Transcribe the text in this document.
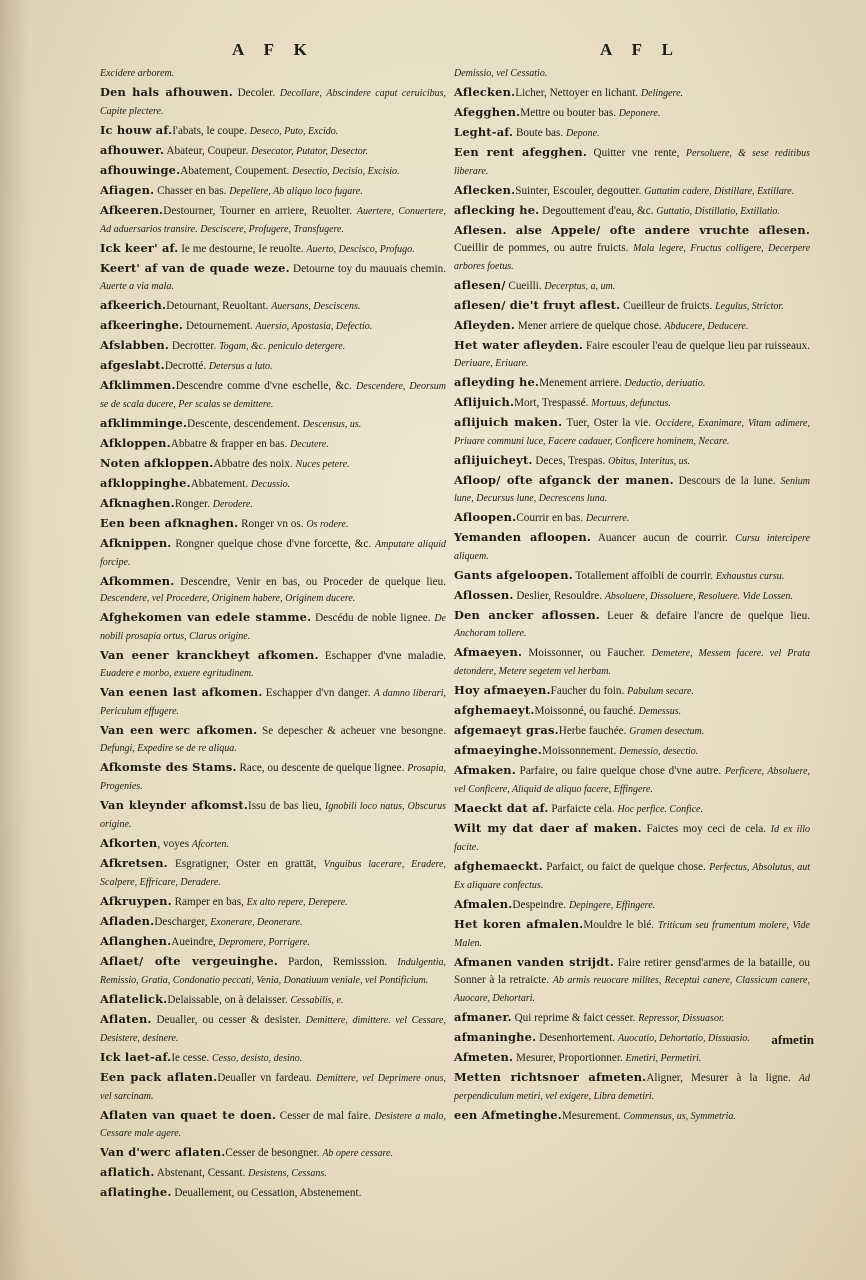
A F K	A F L
Excidere arborem.
Den hals afhouwen. Decoler. Decollare, Abscindere caput ceruicibus, Capite plectere.
Ic houw af.I'abats, le coupe. Deseco, Puto, Excido.
afhouwer. Abateur, Coupeur. Desecator, Putator, Desector.
afhouwinge.Abatement, Coupement. Desectio, Decisio, Excisio.
Afiagen. Chasser en bas. Depellere, Ab aliquo loco fugare.
Afkeeren.Destourner, Tourner en arriere, Reuolter. Auertere, Conuertere, Ad aduersarios transire. Desciscere, Profugere, Transfugere.
Ick keer' af. Ie me destourne, Ie reuolte. Auerto, Descisco, Profugo.
Keert' af van de quade weze. Detourne toy du mauuais chemin. Auerte a via mala.
afkeerich.Detournant, Reuoltant. Auersans, Desciscens.
afkeeringhe. Detournement. Auersio, Apostasia, Defectio.
Afslabben. Decrotter. Togam, &c. peniculo detergere.
afgeslabt.Decrotté. Detersus a luto.
Afklimmen.Descendre comme d'vne eschelle, &c. Descendere, Deorsum se de scala ducere, Per scalas se demittere.
afklimminge.Descente, descendement. Descensus, us.
Afkloppen.Abbatre & frapper en bas. Decutere.
Noten afkloppen.Abbatre des noix. Nuces petere.
afkloppinghe.Abbatement. Decussio.
Afknaghen.Ronger. Derodere.
Een been afknaghen. Ronger vn os. Os rodere.
Afknippen. Rongner quelque chose d'vne forcette, &c. Amputare aliquid forcipe.
Afkommen. Descendre, Venir en bas, ou Proceder de quelque lieu. Descendere, vel Procedere, Originem habere, Originem ducere.
Afghekomen van edele stamme. Descédu de noble lignee. De nobili prosapia ortus, Clarus origine.
Van eener kranckheyt afkomen. Eschapper d'vne maladie. Euadere e morbo, exuere egritudinem.
Van eenen last afkomen. Eschapper d'vn danger. A damno liberari, Periculum effugere.
Van een werc afkomen. Se depescher & acheuer vne besongne. Defungi, Expedire se de re aliqua.
Afkomste des Stams. Race, ou descente de quelque lignee. Prosapia, Progenies.
Van kleynder afkomst.Issu de bas lieu, Ignobili loco natus, Obscurus origine.
Afkorten, voyes Afcorten.
Afkretsen. Esgratigner, Oster en grattāt, Vnguibus lacerare, Eradere, Scalpere, Effricare, Deradere.
Afkruypen. Ramper en bas, Ex alto repere, Derepere.
Afladen.Descharger, Exonerare, Deonerare.
Aflanghen.Aueindre, Depromere, Porrigere.
Aflaet/ ofte vergeuinghe. Pardon, Remisssion. Indulgentia, Remissio, Gratia, Condonatio peccati, Venia, Donatiuum veniale, vel Pontificium.
Aflatelick.Delaissable, on à delaisser. Cessabilis, e.
Aflaten. Deualler, ou cesser & desister. Demittere, dimittere. vel Cessare, Desistere, desinere.
Ick laet-af.Ie cesse. Cesso, desisto, desino.
Een pack aflaten.Deualler vn fardeau. Demittere, vel Deprimere onus, vel sarcinam.
Aflaten van quaet te doen. Cesser de mal faire. Desistere a malo, Cessare male agere.
Van d'werc aflaten.Cesser de besongner. Ab opere cessare.
aflatich. Abstenant, Cessant. Desistens, Cessans.
aflatinghe. Deuallement, ou Cessation, Abstenement.
Demissio, vel Cessatio.
Aflecken.Licher, Nettoyer en lichant. Delingere.
Afegghen.Mettre ou bouter bas. Deponere.
Leght-af. Boute bas. Depone.
Een rent afegghen. Quitter vne rente, Persoluere, & sese reditibus liberare.
Aflecken.Suinter, Escouler, degoutter. Guttatim cadere, Distillare, Extillare.
aflecking he. Degouttement d'eau, &c. Guttatio, Distillatio, Extillatio.
Aflesen. alse Appele/ ofte andere vruchte aflesen. Cueillir de pommes, ou autre fruicts. Mala legere, Fructus colligere, Decerpere arbores foetus.
aflesen/ Cueilli. Decerptus, a, um.
aflesen/ die't fruyt aflest. Cueilleur de fruicts. Legulus, Strictor.
Afleyden. Mener arriere de quelque chose. Abducere, Deducere.
Het water afleyden. Faire escouler l'eau de quelque lieu par ruisseaux. Deriuare, Eriuare.
afleyding he.Menement arriere. Deductio, deriuatio.
Aflijuich.Mort, Trespassé. Mortuus, defunctus.
aflijuich maken. Tuer, Oster la vie. Occidere, Exanimare, Vitam adimere, Priuare communi luce, Facere cadauer, Conficere hominem, Necare.
aflijuicheyt. Deces, Trespas. Obitus, Interitus, us.
Afloop/ ofte afganck der manen. Descours de la lune. Senium lune, Decursus lune, Decrescens luna.
Afloopen.Courrir en bas. Decurrere.
Yemanden afloopen. Auancer aucun de courrir. Cursu intercipere aliquem.
Gants afgeloopen. Totallement affoibli de courrir. Exhaustus cursu.
Aflossen. Deslier, Resouldre. Absoluere, Dissoluere, Resoluere. Vide Lossen.
Den ancker aflossen. Leuer & defaire l'ancre de quelque lieu. Anchoram tollere.
Afmaeyen. Moissonner, ou Faucher. Demetere, Messem facere. vel Prata detondere, Metere segetem vel herbam.
Hoy afmaeyen.Faucher du foin. Pabulum secare.
afghemaeyt.Moissonné, ou fauché. Demessus.
afgemaeyt gras.Herbe fauchée. Gramen desectum.
afmaeyinghe.Moissonnement. Demessio, desectio.
Afmaken. Parfaire, ou faire quelque chose d'vne autre. Perficere, Absoluere, vel Conficere, Aliquid de aliquo facere, Effingere.
Maeckt dat af. Parfaicte cela. Hoc perfice. Confice.
Wilt my dat daer af maken. Faictes moy ceci de cela. Id ex illo facite.
afghemaeckt. Parfaict, ou faict de quelque chose. Perfectus, Absolutus, aut Ex aliquare confectus.
Afmalen.Despeindre. Depingere, Effingere.
Het koren afmalen.Mouldre le blé. Triticum seu frumentum molere, Vide Malen.
Afmanen vanden strijdt. Faire retirer gensd'armes de la bataille, ou Sonner à la retraicte. Ab armis reuocare milites, Receptui canere, Classicum canere, Auocare, Dehortari.
afmaner. Qui reprime & faict cesser. Repressor, Dissuasor.
afmaninghe. Desenhortement. Auocatio, Dehortatio, Dissuasio.
Afmeten. Mesurer, Proportionner. Emetiri, Permetiri.
Metten richtsnoer afmeten.Aligner, Mesurer à la ligne. Ad perpendiculum metiri, vel exigere, Libra demetiri.
een Afmetinghe.Mesurement. Commensus, us, Symmetria.
afmetin
